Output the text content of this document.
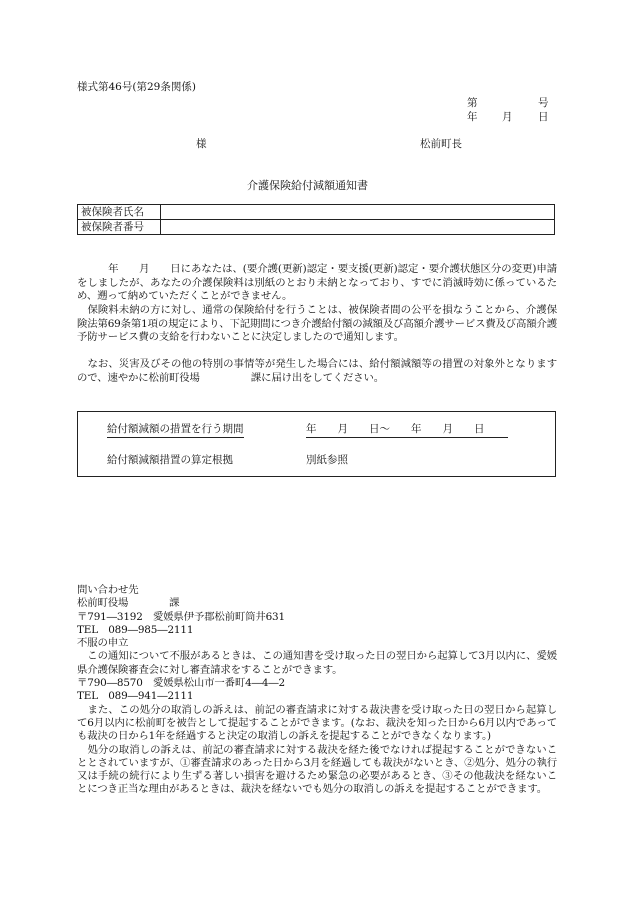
様式第46号(第29条関係)
第	号
年 月 日
様	松前町長
介護保険給付減額通知書
被保険者氏名	
被保険者番号	
　　　年　　月　　日にあなたは、(要介護(更新)認定・要支援(更新)認定・要介護状態区分の変更)申請をしましたが、あなたの介護保険料は別紙のとおり未納となっており、すでに消滅時効に係っているため、遡って納めていただくことができません。
　保険料未納の方に対し、通常の保険給付を行うことは、被保険者間の公平を損なうことから、介護保険法第69条第1項の規定により、下記期間につき介護給付額の減額及び高額介護サービス費及び高額介護予防サービス費の支給を行わないことに決定しましたので通知します。
　なお、災害及びその他の特別の事情等が発生した場合には、給付額減額等の措置の対象外となりますので、速やかに松前町役場　　　　　課に届け出をしてください。
給付額減額の措置を行う期間	年　　月　　日～　　年　　月　　日
給付額減額措置の算定根拠	別紙参照
問い合わせ先
松前町役場　　　　課
〒791―3192　愛媛県伊予郡松前町筒井631
TEL　089―985―2111
不服の申立
　この通知について不服があるときは、この通知書を受け取った日の翌日から起算して3月以内に、愛媛県介護保険審査会に対し審査請求をすることができます。
〒790―8570　愛媛県松山市一番町4―4―2
TEL　089―941―2111
　また、この処分の取消しの訴えは、前記の審査請求に対する裁決書を受け取った日の翌日から起算して6月以内に松前町を被告として提起することができます。(なお、裁決を知った日から6月以内であっても裁決の日から1年を経過すると決定の取消しの訴えを提起することができなくなります。)
　処分の取消しの訴えは、前記の審査請求に対する裁決を経た後でなければ提起することができないこととされていますが、①審査請求のあった日から3月を経過しても裁決がないとき、②処分、処分の執行又は手続の続行により生ずる著しい損害を避けるため緊急の必要があるとき、③その他裁決を経ないことにつき正当な理由があるときは、裁決を経ないでも処分の取消しの訴えを提起することができます。
